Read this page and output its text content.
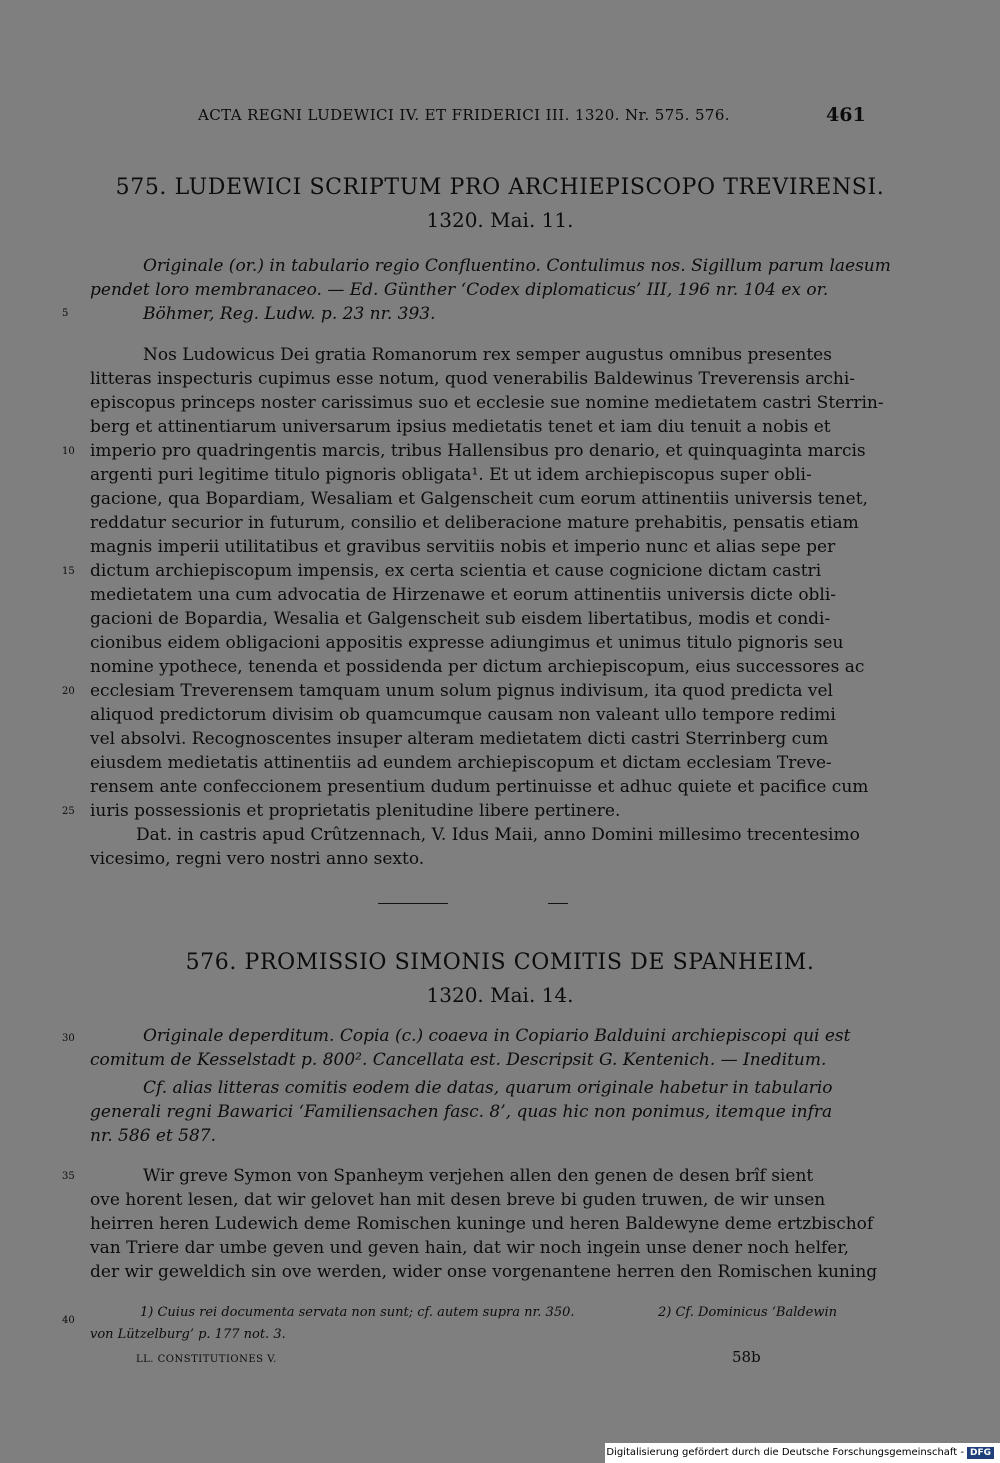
ACTA REGNI LUDEWICI IV. ET FRIDERICI III. 1320. Nr. 575. 576.	461
575. LUDEWICI SCRIPTUM PRO ARCHIEPISCOPO TREVIRENSI.
1320. Mai. 11.
Originale (or.) in tabulario regio Confluentino. Contulimus nos. Sigillum parum laesum
pendet loro membranaceo. — Ed. Günther ‘Codex diplomaticus’ III, 196 nr. 104 ex or.
Böhmer, Reg. Ludw. p. 23 nr. 393.
Nos Ludowicus Dei gratia Romanorum rex semper augustus omnibus presentes
litteras inspecturis cupimus esse notum, quod venerabilis Baldewinus Treverensis archi-
episcopus princeps noster carissimus suo et ecclesie sue nomine medietatem castri Sterrin-
berg et attinentiarum universarum ipsius medietatis tenet et iam diu tenuit a nobis et
imperio pro quadringentis marcis, tribus Hallensibus pro denario, et quinquaginta marcis
argenti puri legitime titulo pignoris obligata¹. Et ut idem archiepiscopus super obli-
gacione, qua Bopardiam, Wesaliam et Galgenscheit cum eorum attinentiis universis tenet,
reddatur securior in futurum, consilio et deliberacione mature prehabitis, pensatis etiam
magnis imperii utilitatibus et gravibus servitiis nobis et imperio nunc et alias sepe per
dictum archiepiscopum impensis, ex certa scientia et cause cognicione dictam castri
medietatem una cum advocatia de Hirzenawe et eorum attinentiis universis dicte obli-
gacioni de Bopardia, Wesalia et Galgenscheit sub eisdem libertatibus, modis et condi-
cionibus eidem obligacioni appositis expresse adiungimus et unimus titulo pignoris seu
nomine ypothece, tenenda et possidenda per dictum archiepiscopum, eius successores ac
ecclesiam Treverensem tamquam unum solum pignus indivisum, ita quod predicta vel
aliquod predictorum divisim ob quamcumque causam non valeant ullo tempore redimi
vel absolvi. Recognoscentes insuper alteram medietatem dicti castri Sterrinberg cum
eiusdem medietatis attinentiis ad eundem archiepiscopum et dictam ecclesiam Treve-
rensem ante confeccionem presentium dudum pertinuisse et adhuc quiete et pacifice cum
iuris possessionis et proprietatis plenitudine libere pertinere.
Dat. in castris apud Crûtzennach, V. Idus Maii, anno Domini millesimo trecentesimo
vicesimo, regni vero nostri anno sexto.
5
10
15
20
25
30
35
40
576. PROMISSIO SIMONIS COMITIS DE SPANHEIM.
1320. Mai. 14.
Originale deperditum. Copia (c.) coaeva in Copiario Balduini archiepiscopi qui est
comitum de Kesselstadt p. 800². Cancellata est. Descripsit G. Kentenich. — Ineditum.
Cf. alias litteras comitis eodem die datas, quarum originale habetur in tabulario
generali regni Bawarici ‘Familiensachen fasc. 8’, quas hic non ponimus, itemque infra
nr. 586 et 587.
Wir greve Symon von Spanheym verjehen allen den genen de desen brîf sient
ove horent lesen, dat wir gelovet han mit desen breve bi guden truwen, de wir unsen
heirren heren Ludewich deme Romischen kuninge und heren Baldewyne deme ertzbischof
van Triere dar umbe geven und geven hain, dat wir noch ingein unse dener noch helfer,
der wir geweldich sin ove werden, wider onse vorgenantene herren den Romischen kuning
1) Cuius rei documenta servata non sunt; cf. autem supra nr. 350.	2) Cf. Dominicus ‘Baldewin
von Lützelburg’ p. 177 not. 3.
LL. CONSTITUTIONES V.	58b
Digitalisierung gefördert durch die Deutsche Forschungsgemeinschaft - DFG
